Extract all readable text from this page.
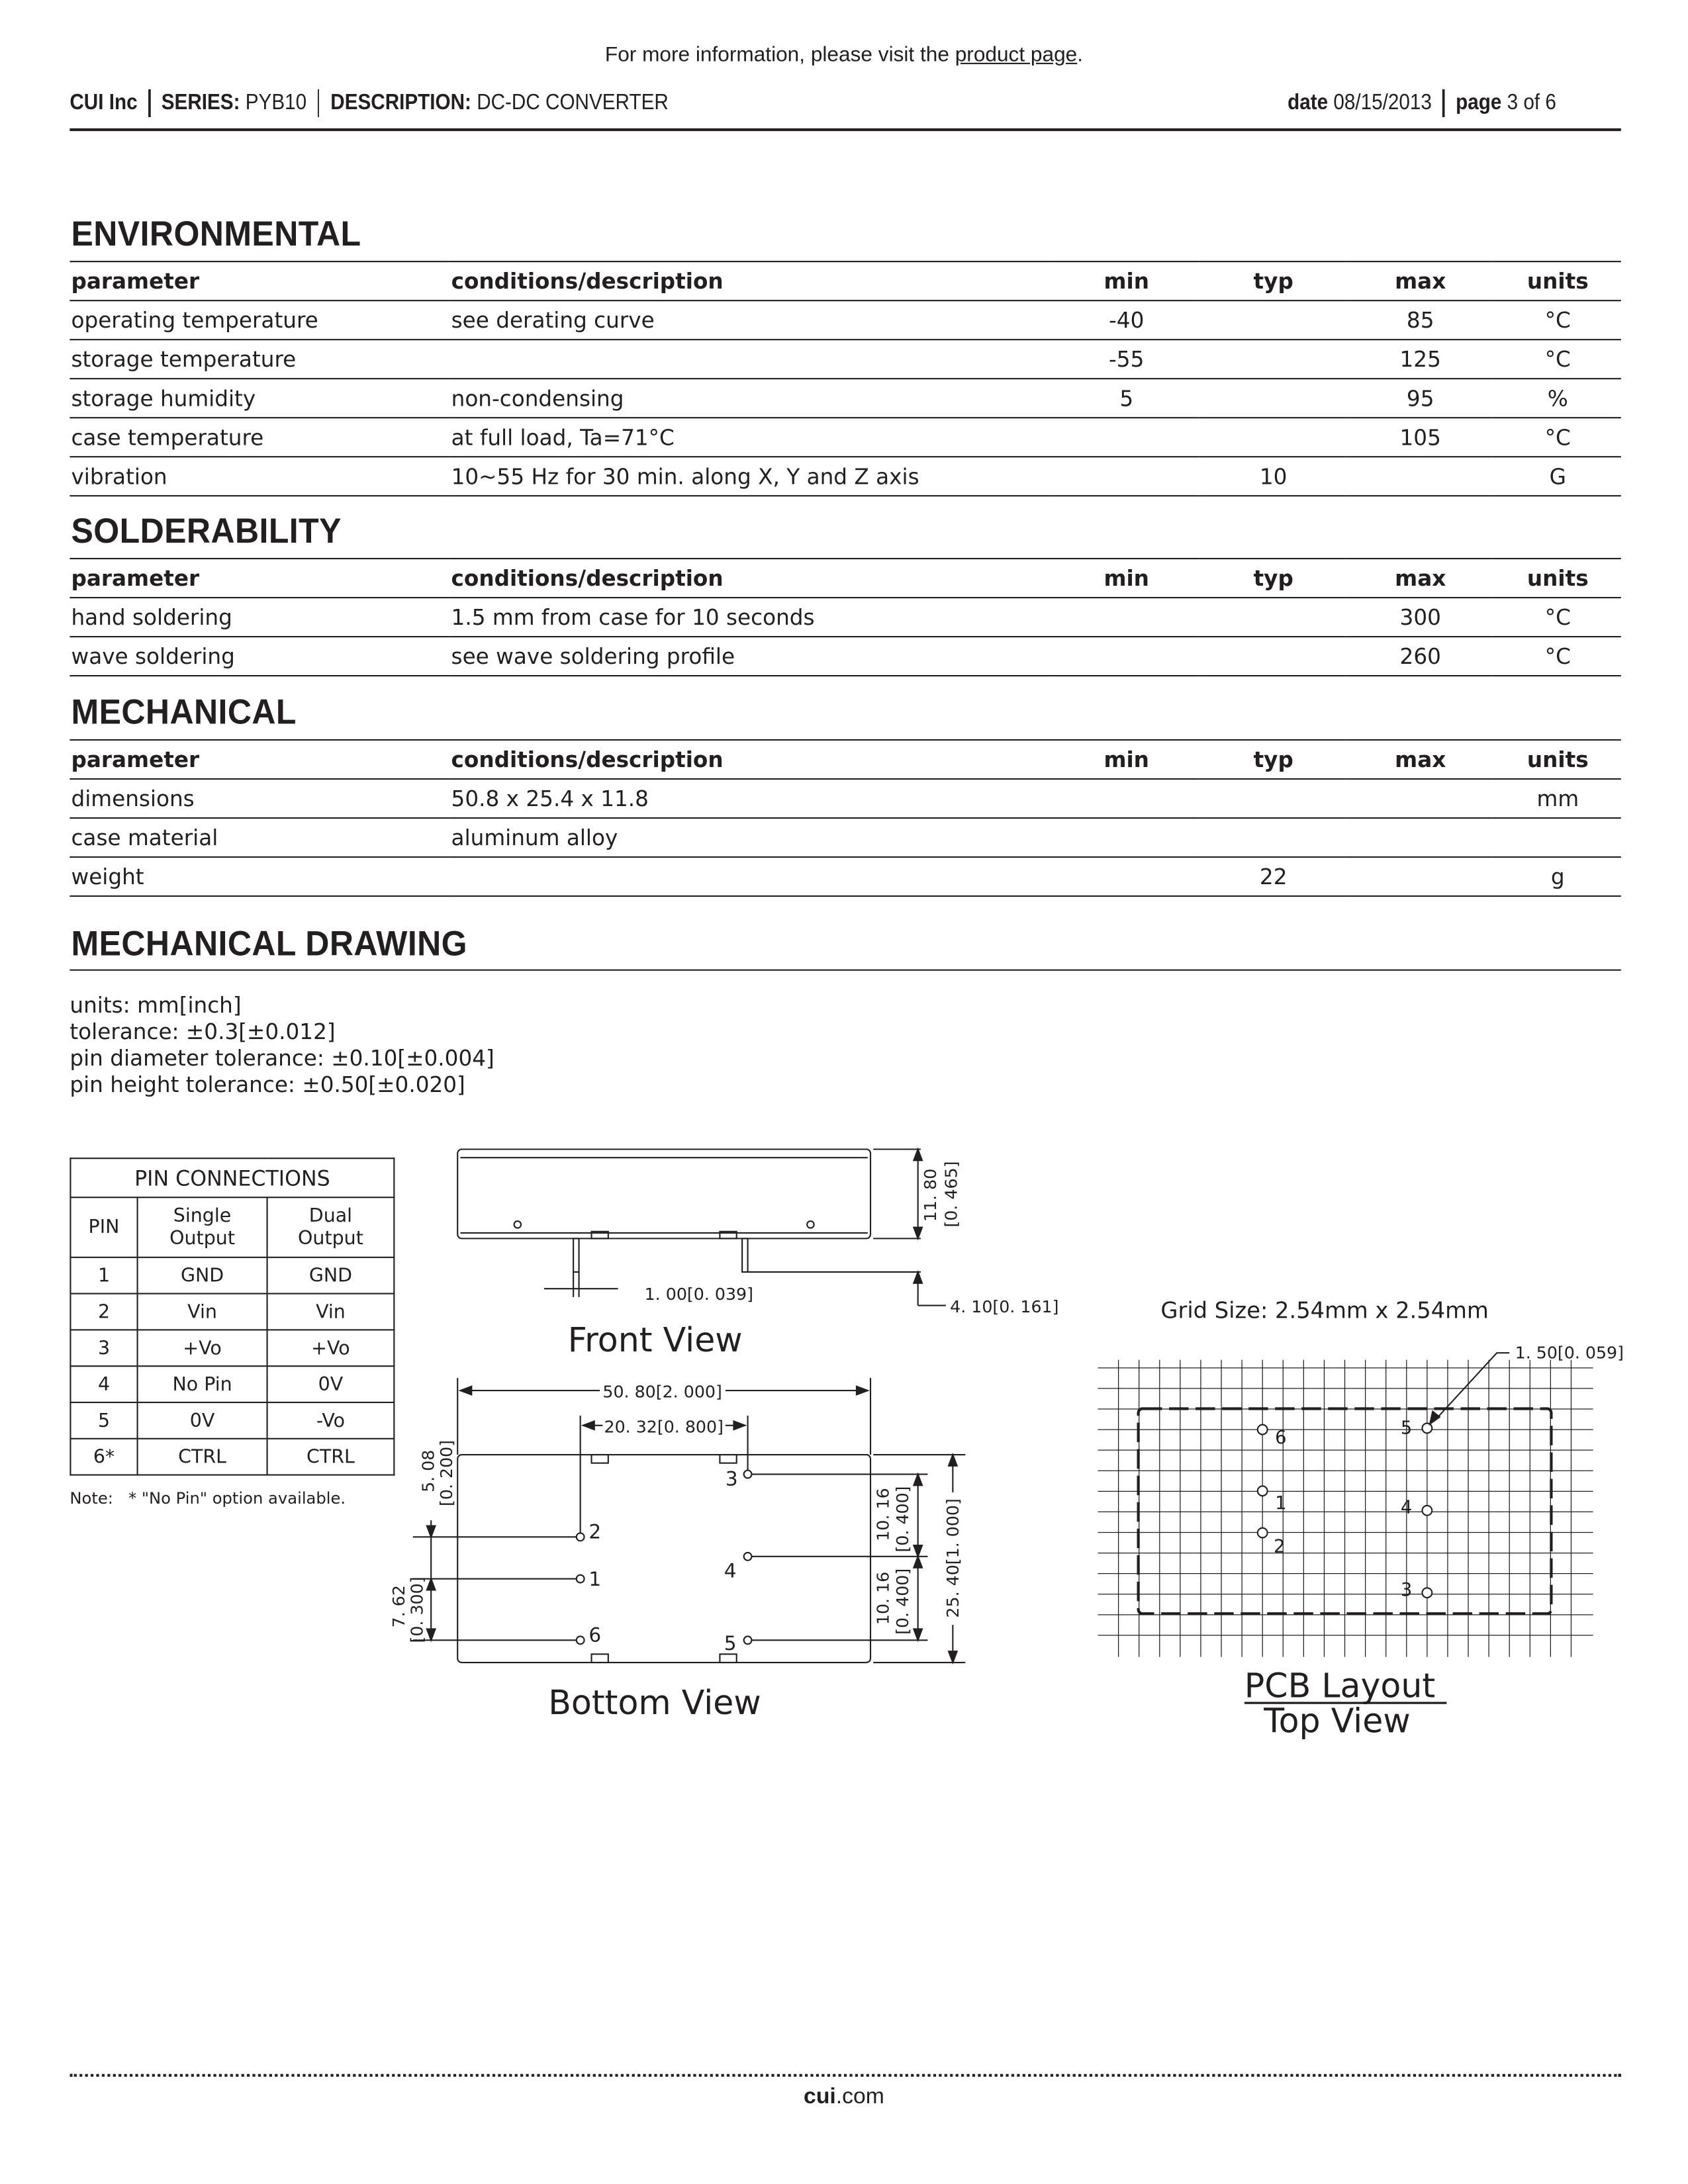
For more information, please visit the product page.
CUI Inc SERIES: PYB10 DESCRIPTION: DC-DC CONVERTER	date 08/15/2013 page 3 of 6
ENVIRONMENTAL
parameter	conditions/description	min	typ	max	units
operating temperature	see derating curve	-40		85	°C
storage temperature		-55		125	°C
storage humidity	non-condensing	5		95	%
case temperature	at full load, Ta=71°C			105	°C
vibration	10~55 Hz for 30 min. along X, Y and Z axis		10		G
SOLDERABILITY
parameter	conditions/description	min	typ	max	units
hand soldering	1.5 mm from case for 10 seconds			300	°C
wave soldering	see wave soldering profile			260	°C
MECHANICAL
parameter	conditions/description	min	typ	max	units
dimensions	50.8 x 25.4 x 11.8				mm
case material	aluminum alloy				
weight			22		g
MECHANICAL DRAWING
units: mm[inch]
tolerance: ±0.3[±0.012]
pin diameter tolerance: ±0.10[±0.004]
pin height tolerance: ±0.50[±0.020]
PIN CONNECTIONS		
PIN	Single Output	Dual Output
1	GND	GND
2	Vin	Vin
3	+Vo	+Vo
4	No Pin	0V
5	0V	-Vo
6*	CTRL	CTRL
Note: * "No Pin" option available.
1. 00[0. 039]
4. 10[0. 161]
11. 80 [0. 465]
Front View
1
2
3
4
5
6
50. 80[2. 000]
20. 32[0. 800]
5. 08
[0. 200]
7. 62
[0. 300]
10. 16 [0. 400]
10. 16 [0. 400]	25. 40[1. 000]
Bottom View
Grid Size: 2.54mm x 2.54mm
1. 50[0. 059]
1
2
3
4
5
6
PCB Layout
Top View
cui.com
